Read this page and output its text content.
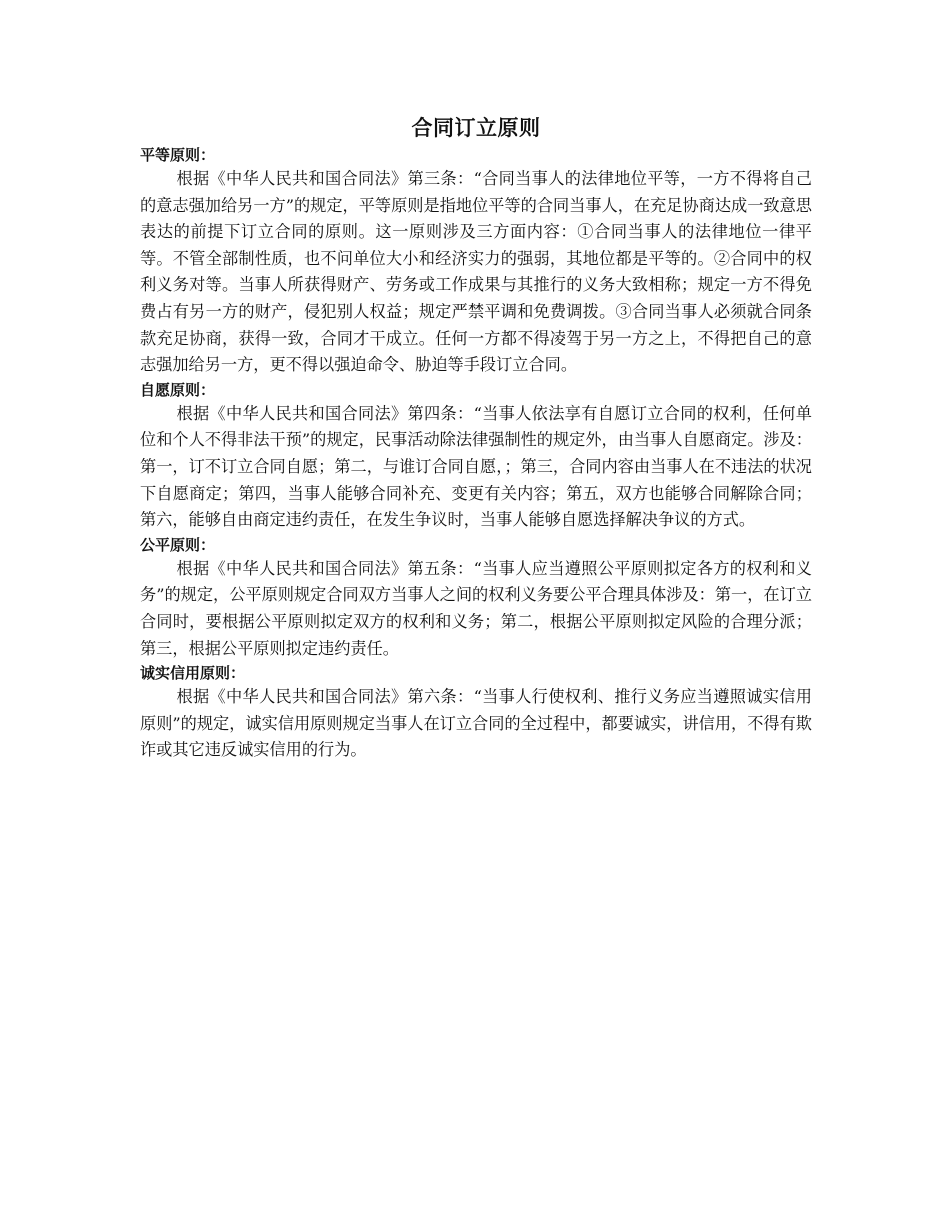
合同订立原则

平等原则：

根据《中华人民共和国合同法》第三条：“合同当事人的法律地位平等，一方不得将自己的意志强加给另一方”的规定，平等原则是指地位平等的合同当事人，在充足协商达成一致意思表达的前提下订立合同的原则。这一原则涉及三方面内容：①合同当事人的法律地位一律平等。不管全部制性质，也不问单位大小和经济实力的强弱，其地位都是平等的。②合同中的权利义务对等。当事人所获得财产、劳务或工作成果与其推行的义务大致相称；规定一方不得免费占有另一方的财产，侵犯别人权益；规定严禁平调和免费调拨。③合同当事人必须就合同条款充足协商，获得一致，合同才干成立。任何一方都不得凌驾于另一方之上，不得把自己的意志强加给另一方，更不得以强迫命令、胁迫等手段订立合同。

自愿原则：

根据《中华人民共和国合同法》第四条：“当事人依法享有自愿订立合同的权利，任何单位和个人不得非法干预”的规定，民事活动除法律强制性的规定外，由当事人自愿商定。涉及：第一，订不订立合同自愿；第二，与谁订合同自愿，；第三，合同内容由当事人在不违法的状况下自愿商定；第四，当事人能够合同补充、变更有关内容；第五，双方也能够合同解除合同；第六，能够自由商定违约责任，在发生争议时，当事人能够自愿选择解决争议的方式。

公平原则：

根据《中华人民共和国合同法》第五条：“当事人应当遵照公平原则拟定各方的权利和义务”的规定，公平原则规定合同双方当事人之间的权利义务要公平合理具体涉及：第一，在订立合同时，要根据公平原则拟定双方的权利和义务；第二，根据公平原则拟定风险的合理分派；第三，根据公平原则拟定违约责任。

诚实信用原则：

根据《中华人民共和国合同法》第六条：“当事人行使权利、推行义务应当遵照诚实信用原则”的规定，诚实信用原则规定当事人在订立合同的全过程中，都要诚实，讲信用，不得有欺诈或其它违反诚实信用的行为。
